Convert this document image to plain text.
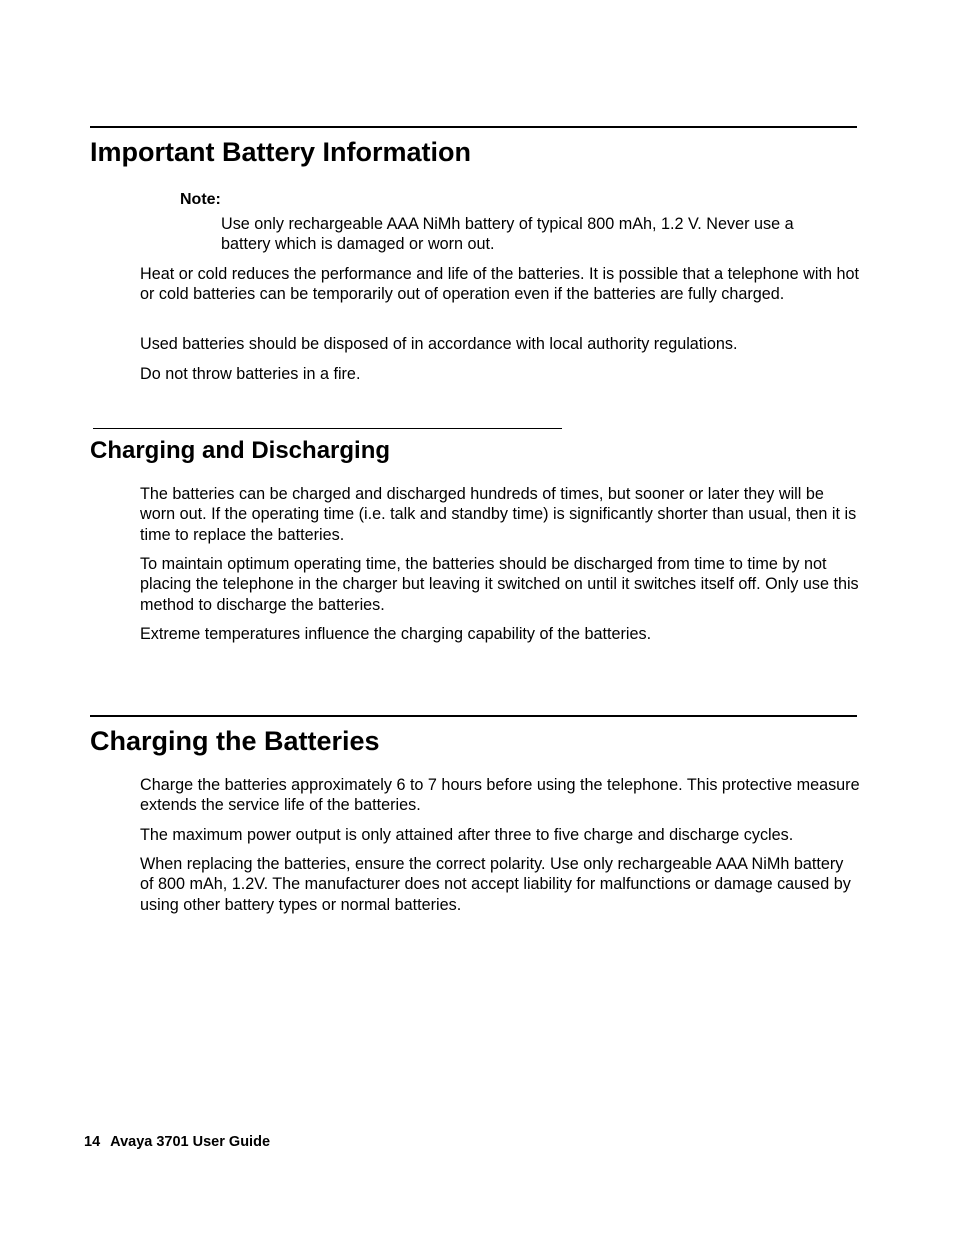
Important Battery Information
Note:

Use only rechargeable AAA NiMh battery of typical 800 mAh, 1.2 V. Never use a battery which is damaged or worn out.

Heat or cold reduces the performance and life of the batteries. It is possible that a telephone with hot or cold batteries can be temporarily out of operation even if the batteries are fully charged.

Used batteries should be disposed of in accordance with local authority regulations.

Do not throw batteries in a fire.

Charging and Discharging

The batteries can be charged and discharged hundreds of times, but sooner or later they will be worn out. If the operating time (i.e. talk and standby time) is significantly shorter than usual, then it is time to replace the batteries.

To maintain optimum operating time, the batteries should be discharged from time to time by not placing the telephone in the charger but leaving it switched on until it switches itself off. Only use this method to discharge the batteries.

Extreme temperatures influence the charging capability of the batteries.

Charging the Batteries

Charge the batteries approximately 6 to 7 hours before using the telephone. This protective measure extends the service life of the batteries.

The maximum power output is only attained after three to five charge and discharge cycles.

When replacing the batteries, ensure the correct polarity. Use only rechargeable AAA NiMh battery of 800 mAh, 1.2V. The manufacturer does not accept liability for malfunctions or damage caused by using other battery types or normal batteries.

14 Avaya 3701 User Guide
